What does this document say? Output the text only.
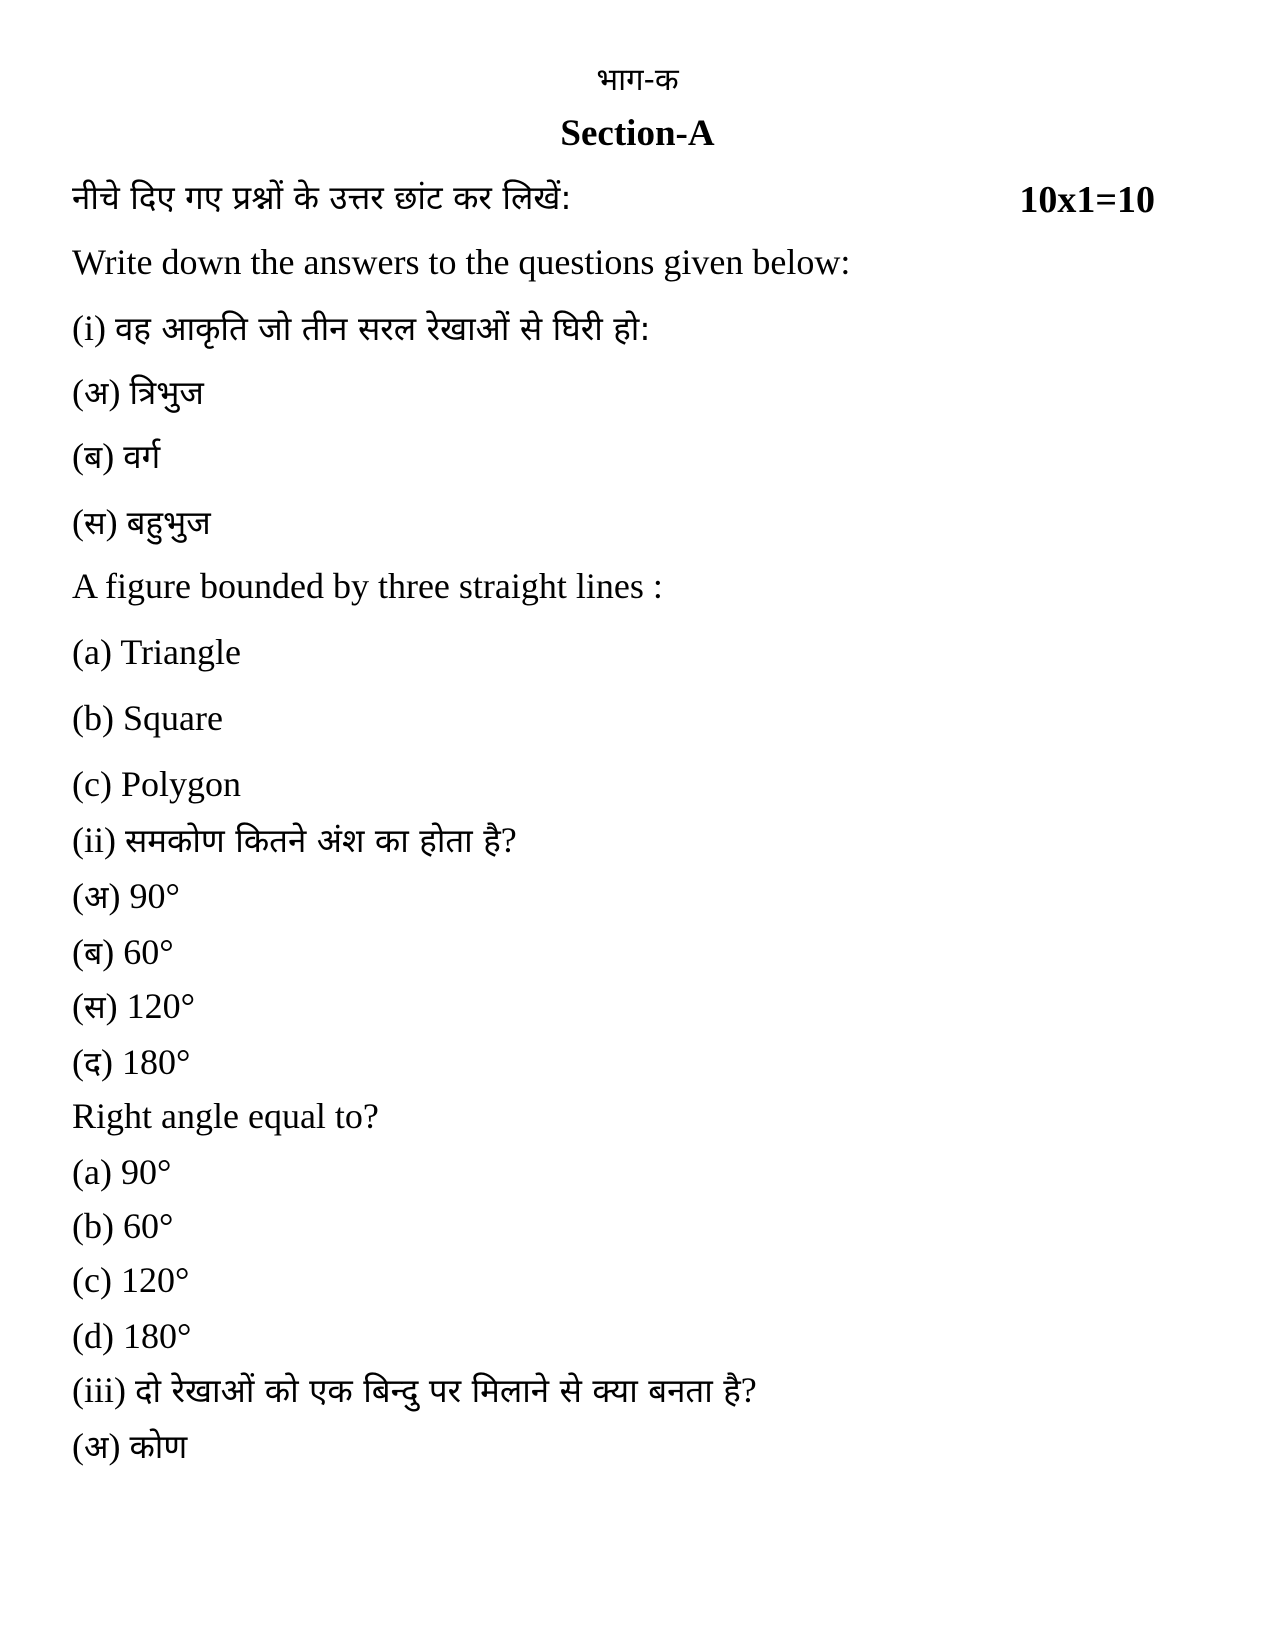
भाग-क
Section-A
नीचे दिए गए प्रश्नों के उत्तर छांट कर लिखें:	10x1=10
Write down the answers to the questions given below:
(i) वह आकृति जो तीन सरल रेखाओं से घिरी हो:
(अ) त्रिभुज
(ब) वर्ग
(स) बहुभुज
A figure bounded by three straight lines :
(a) Triangle
(b) Square
(c) Polygon
(ii) समकोण कितने अंश का होता है?
(अ) 90°
(ब) 60°
(स) 120°
(द) 180°
Right angle equal to?
(a) 90°
(b) 60°
(c) 120°
(d) 180°
(iii) दो रेखाओं को एक बिन्दु पर मिलाने से क्या बनता है?
(अ) कोण
